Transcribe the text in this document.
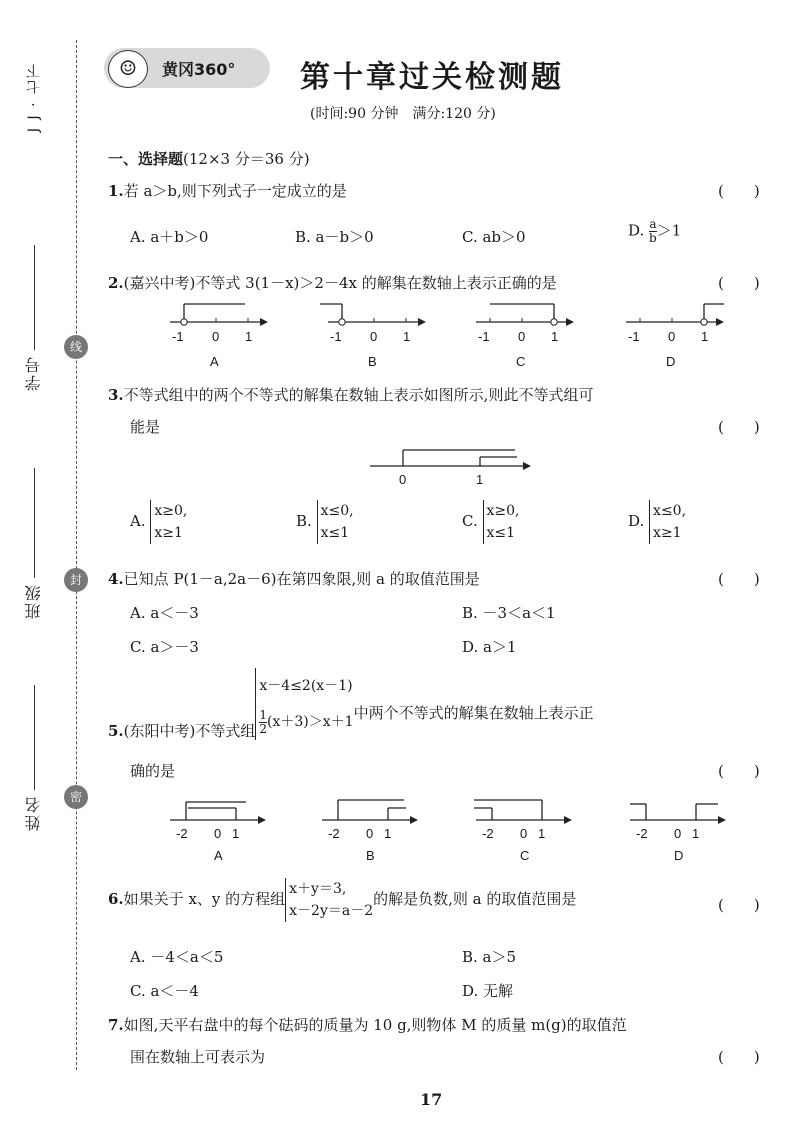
J J · 七下
学号
班级
姓名
线
封
密
☺	黄冈360° 第十章过关检测题
(时间:90 分钟　满分:120 分)
一、选择题(12×3 分＝36 分)
1.若 a＞b,则下列式子一定成立的是	(　　)
A. a＋b＞0	B. a－b＞0	C. ab＞0	D. $\frac{a}{b} >1$
2.(嘉兴中考)不等式 3(1－x)＞2－4x 的解集在数轴上表示正确的是	(　　)
-1 0 1
A
-1 0 1
B
-1 0 1
C
-1 0 1
D
3.不等式组中的两个不等式的解集在数轴上表示如图所示,则此不等式组可
能是	(　　)
0	1
A. x≥0,
x≥1
B. x≤0,
x≤1
C. x≥0,
x≤1
D. x≤0,
x≥1
4.已知点 P(1－a,2a－6)在第四象限,则 a 的取值范围是	(　　)
A. a＜－3	B. －3＜a＜1
C. a＞－3	D. a＞1
5.(东阳中考)不等式组x－4≤2(x－1)

$\frac{1}{2} (x+3)>x+1$中两个不等式的解集在数轴上表示正
确的是	(　　)
-2 0 1
A
-2 0 1
B
-2 0 1
C
-2 0 1
D
6.如果关于 x、y 的方程组x＋y＝3,
x－2y＝a－2的解是负数,则 a 的取值范围是	(　　)
A. －4＜a＜5	B. a＞5
C. a＜－4	D. 无解
7.如图,天平右盘中的每个砝码的质量为 10 g,则物体 M 的质量 m(g)的取值范
围在数轴上可表示为	(　　)
17
